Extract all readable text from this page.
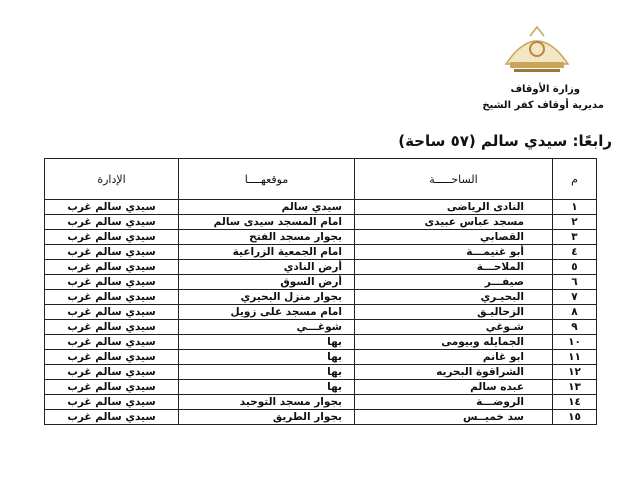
وزارة الأوقاف
مديرية أوقاف كفر الشيخ
رابعًا: سيدي سالم (٥٧ ساحة)
م	الساحـــــة	موقعهــــا	الإدارة
١	النادى الرياضى	سيدي سالم	سيدي سالم غرب
٢	مسجد عباس عبيدى	امام المسجد سيدى سالم	سيدي سالم غرب
٣	القصابي	بجوار مسجد الفتح	سيدي سالم غرب
٤	أبو غنيمـــة	امام الجمعية الزراعية	سيدي سالم غرب
٥	الملاحـــة	أرض النادي	سيدي سالم غرب
٦	صيفـــر	أرض السوق	سيدي سالم غرب
٧	البحيـري	بجوار منزل البحيري	سيدي سالم غرب
٨	الزحاليـق	امام مسجد على زويل	سيدي سالم غرب
٩	شـوغي	شوغـــي	سيدي سالم غرب
١٠	الجمايله وبيومى	بها	سيدي سالم غرب
١١	ابو غانم	بها	سيدي سالم غرب
١٢	الشراقوة البحريه	بها	سيدي سالم غرب
١٣	عبده سالم	بها	سيدي سالم غرب
١٤	الروضـــة	بجوار مسجد التوحيد	سيدي سالم غرب
١٥	سد خميــس	بجوار الطريق	سيدي سالم غرب
